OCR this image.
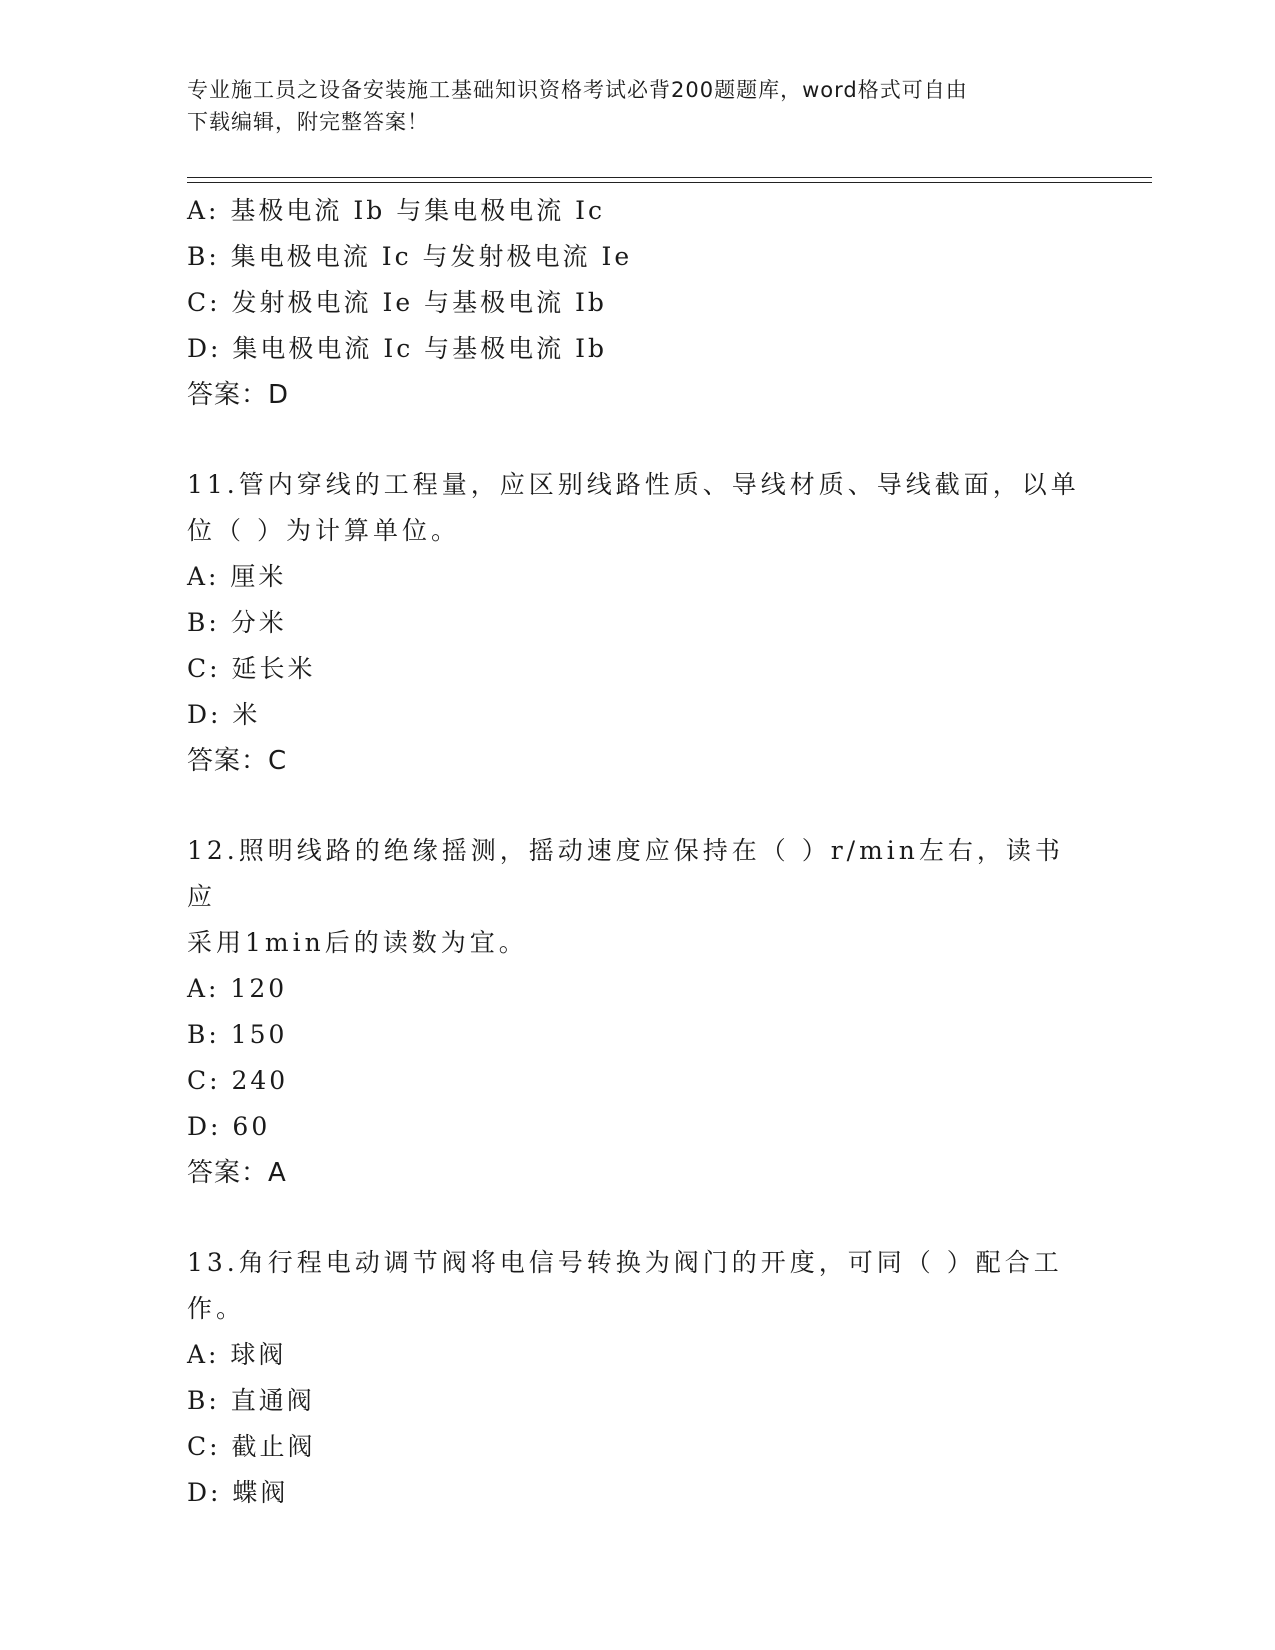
专业施工员之设备安装施工基础知识资格考试必背200题题库，word格式可自由
下载编辑，附完整答案！
A: 基极电流 Ib 与集电极电流 Ic
B: 集电极电流 Ic 与发射极电流 Ie
C: 发射极电流 Ie 与基极电流 Ib
D: 集电极电流 Ic 与基极电流 Ib
答案：D
11.管内穿线的工程量，应区别线路性质、导线材质、导线截面，以单
位（ ）为计算单位。
A: 厘米
B: 分米
C: 延长米
D: 米
答案：C
12.照明线路的绝缘摇测，摇动速度应保持在（ ）r/min左右，读书应
采用1min后的读数为宜。
A: 120
B: 150
C: 240
D: 60
答案：A
13.角行程电动调节阀将电信号转换为阀门的开度，可同（ ）配合工
作。
A: 球阀
B: 直通阀
C: 截止阀
D: 蝶阀
